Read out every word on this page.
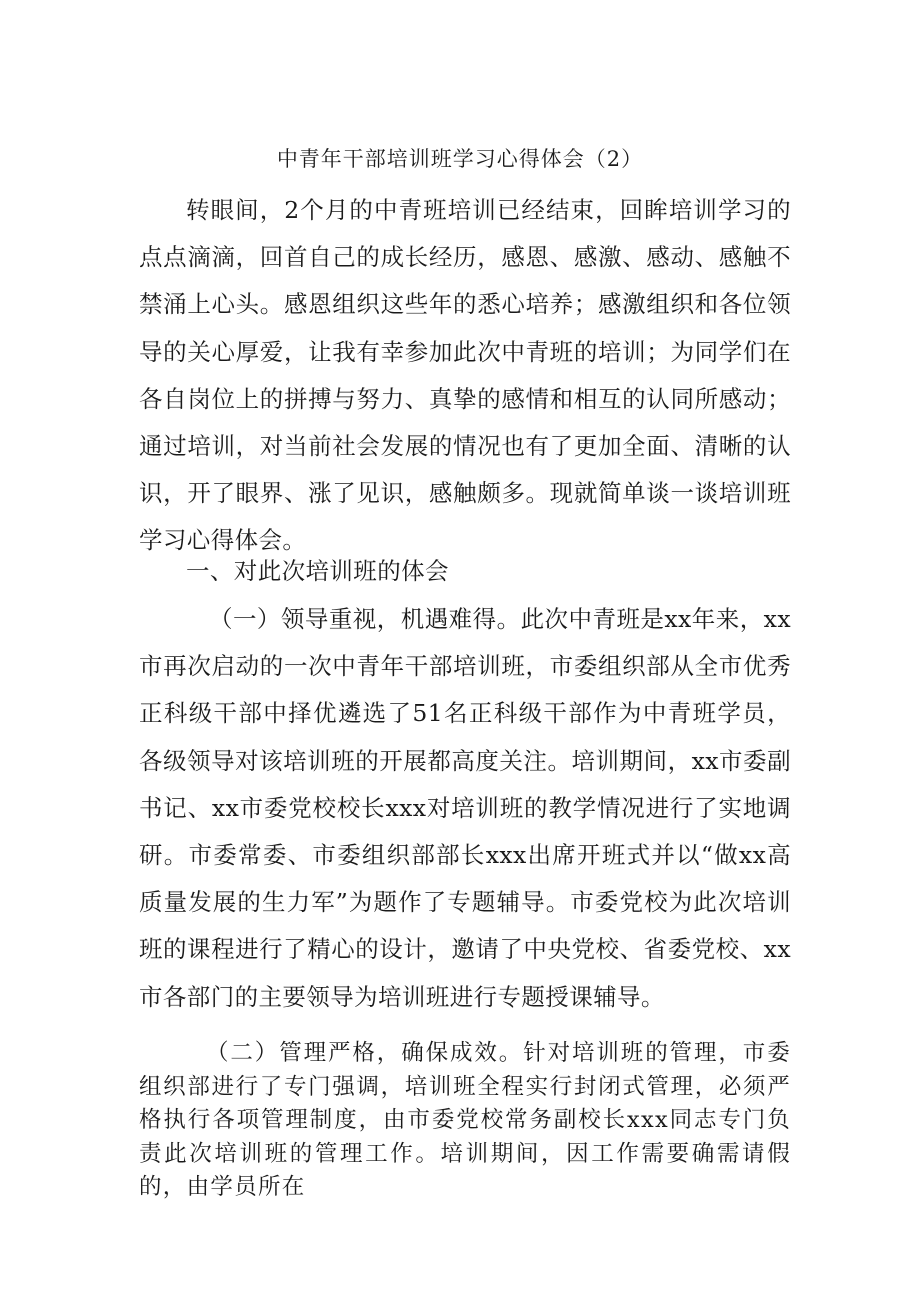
中青年干部培训班学习心得体会（2）

转眼间，2个月的中青班培训已经结束，回眸培训学习的点点滴滴，回首自己的成长经历，感恩、感激、感动、感触不禁涌上心头。感恩组织这些年的悉心培养；感激组织和各位领导的关心厚爱，让我有幸参加此次中青班的培训；为同学们在各自岗位上的拼搏与努力、真挚的感情和相互的认同所感动；通过培训，对当前社会发展的情况也有了更加全面、清晰的认识，开了眼界、涨了见识，感触颇多。现就简单谈一谈培训班学习心得体会。

一、对此次培训班的体会

（一）领导重视，机遇难得。此次中青班是xx年来，xx市再次启动的一次中青年干部培训班，市委组织部从全市优秀正科级干部中择优遴选了51名正科级干部作为中青班学员，各级领导对该培训班的开展都高度关注。培训期间，xx市委副书记、xx市委党校校长xxx对培训班的教学情况进行了实地调研。市委常委、市委组织部部长xxx出席开班式并以“做xx高质量发展的生力军”为题作了专题辅导。市委党校为此次培训班的课程进行了精心的设计，邀请了中央党校、省委党校、xx市各部门的主要领导为培训班进行专题授课辅导。

（二）管理严格，确保成效。针对培训班的管理，市委组织部进行了专门强调，培训班全程实行封闭式管理，必须严格执行各项管理制度，由市委党校常务副校长xxx同志专门负责此次培训班的管理工作。培训期间，因工作需要确需请假的，由学员所在
